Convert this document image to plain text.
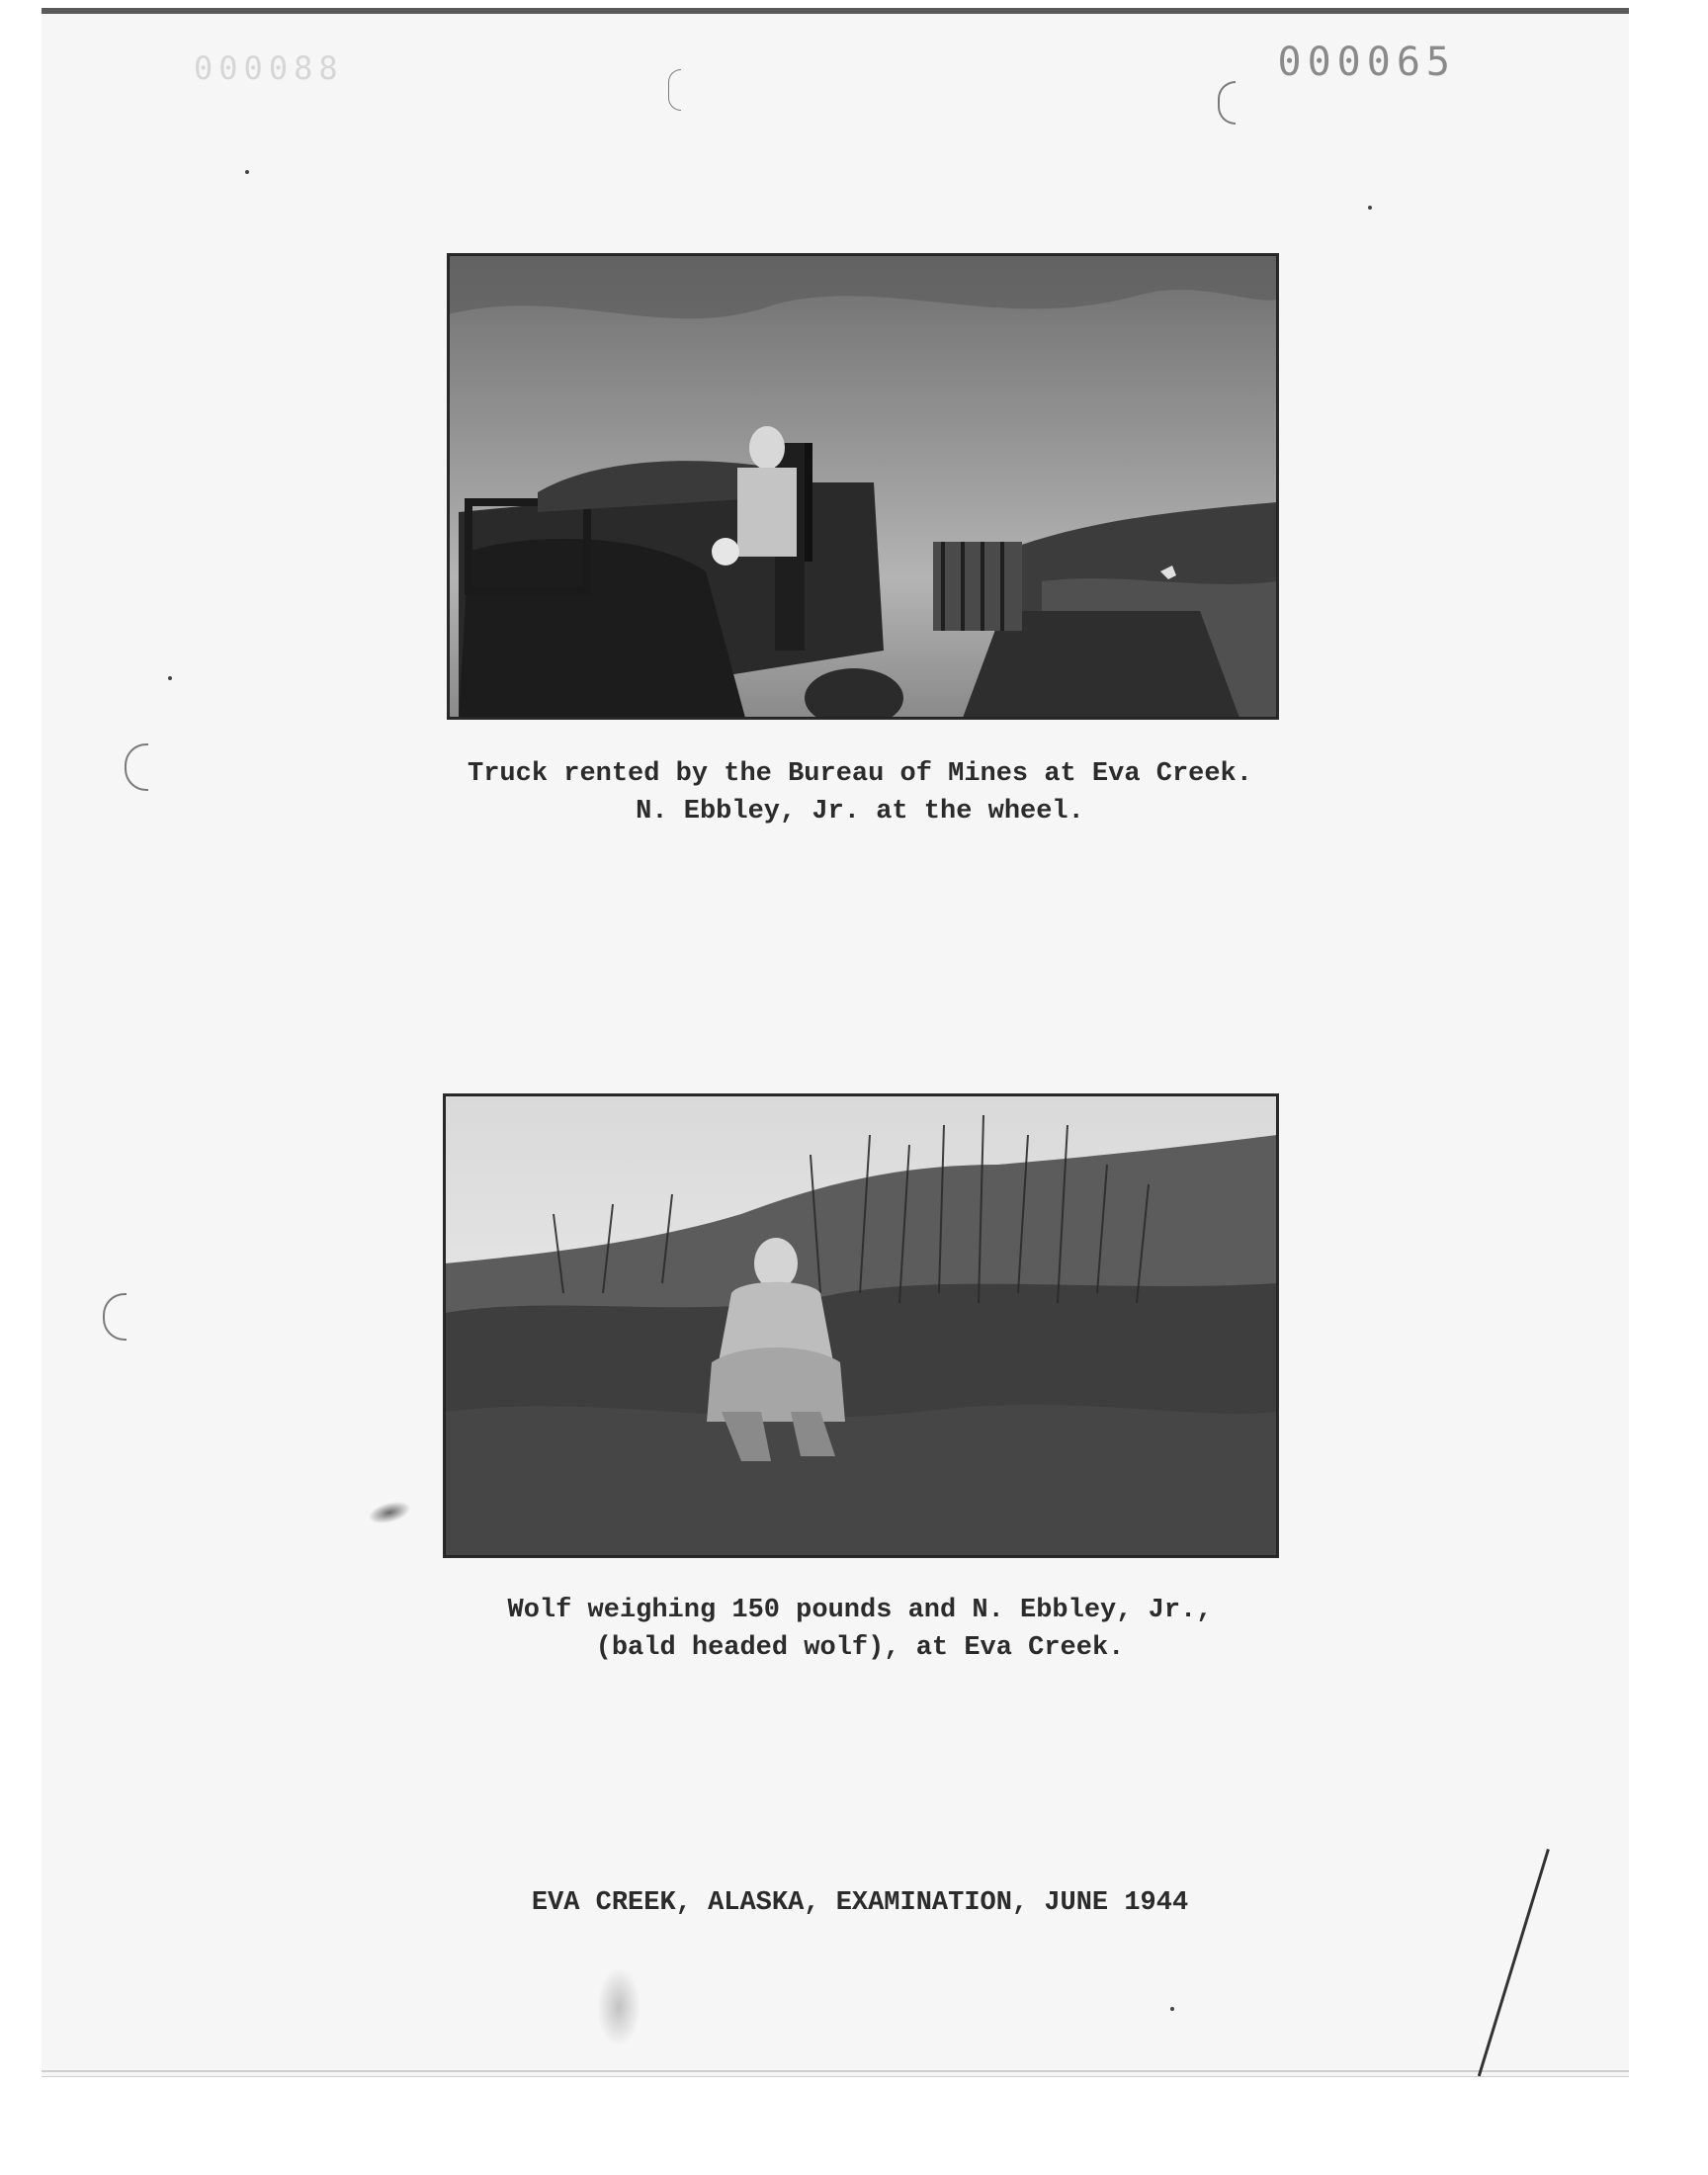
880000	000065
Truck rented by the Bureau of Mines at Eva Creek.
N. Ebbley, Jr. at the wheel.
Wolf weighing 150 pounds and N. Ebbley, Jr.,
(bald headed wolf), at Eva Creek.
EVA CREEK, ALASKA, EXAMINATION, JUNE 1944
